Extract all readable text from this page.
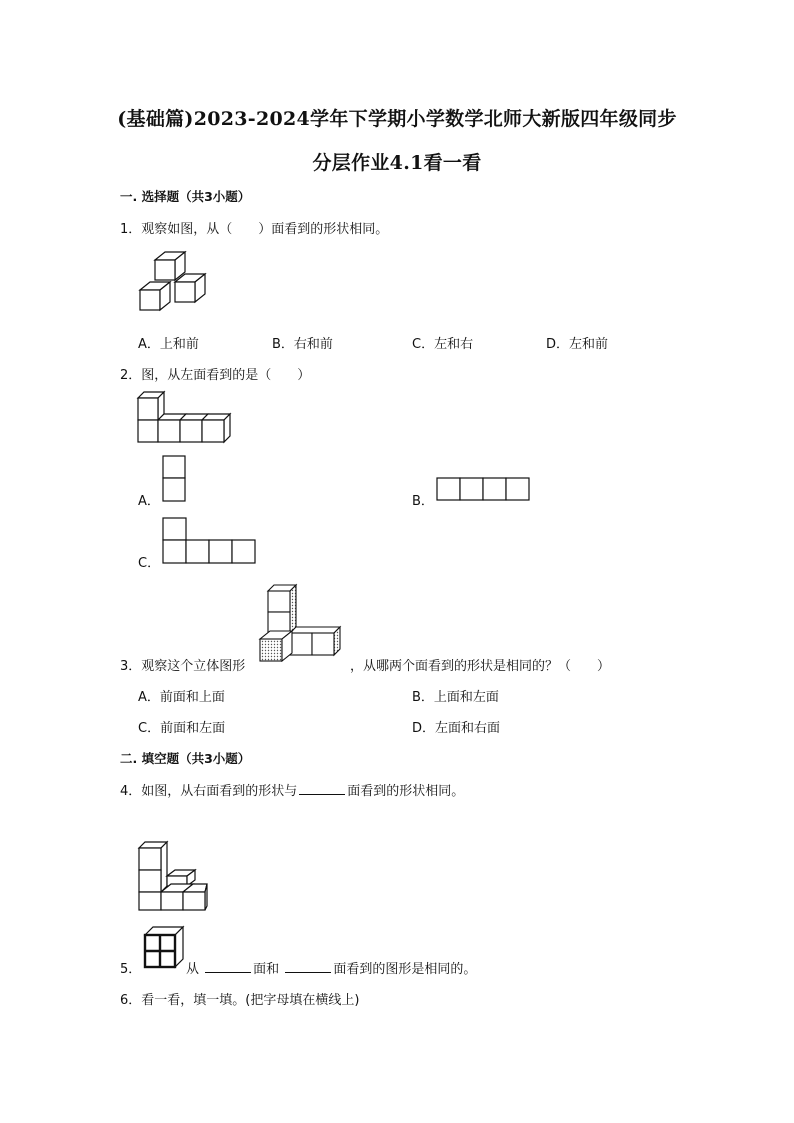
(基础篇)2023-2024学年下学期小学数学北师大新版四年级同步
分层作业4.1看一看
一. 选择题（共3小题）
1．观察如图，从（　　）面看到的形状相同。
A．上和前	B．右和前	C．左和右	D．左和前
2．图，从左面看到的是（　　）
A．	B．
C．
3．观察这个立体图形	，从哪两个面看到的形状是相同的？（　　）
A．前面和上面	B．上面和左面
C．前面和左面	D．左面和右面
二. 填空题（共3小题）
4．如图，从右面看到的形状与	面看到的形状相同。
5．	从	面和	面看到的图形是相同的。
6．看一看，填一填。(把字母填在横线上)
